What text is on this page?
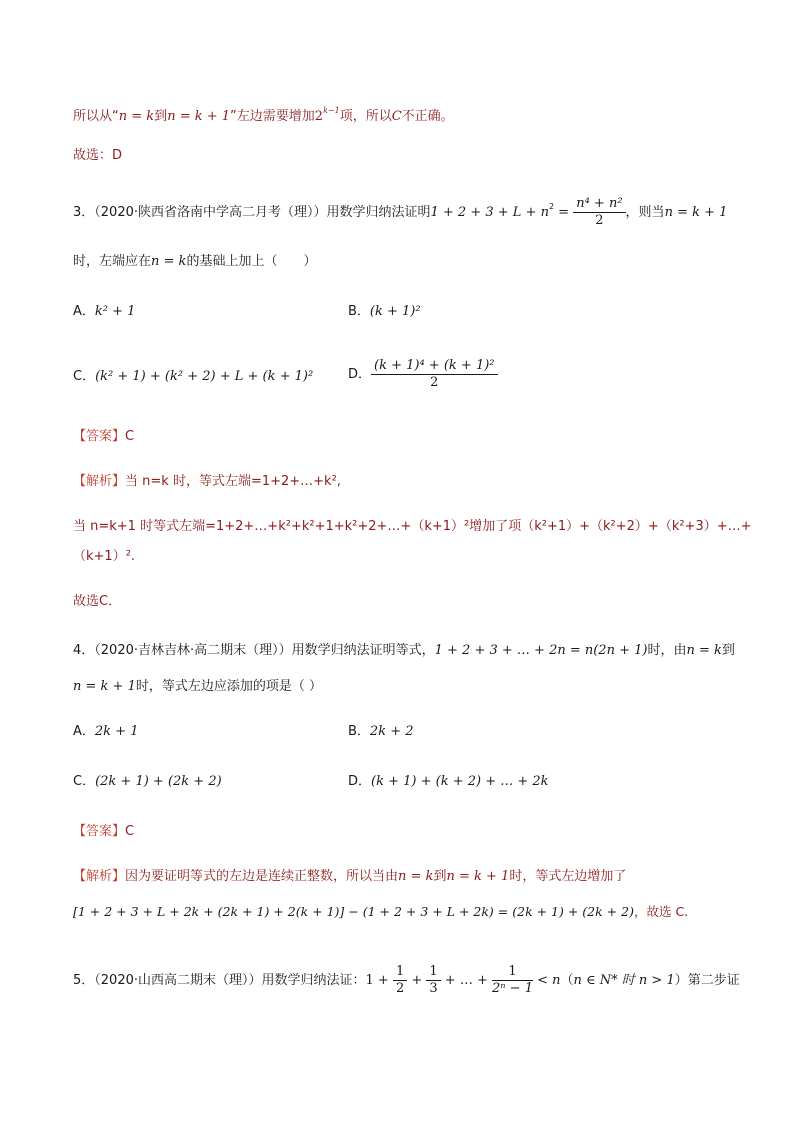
所以从“n = k到n = k + 1”左边需要增加$2^{k-1}$项，所以C不正确。
故选：D
3．（2020·陕西省洛南中学高二月考（理））用数学归纳法证明$1 + 2 + 3 + L + n^2 = \frac{\text{n⁴ + n²}}{2}$ ，则当n = k + 1
时，左端应在n = k的基础上加上（　　）
A．k² + 1	B．(k + 1)²
C．(k² + 1) + (k² + 2) + L + (k + 1)²	D． $\frac{\text{(k + 1)⁴ + (k + 1)²}}{2}$
【答案】C
【解析】当 n=k 时，等式左端=1+2+…+k²,
当 n=k+1 时等式左端=1+2+…+k²+k²+1+k²+2+…+（k+1）²增加了项（k²+1）+（k²+2）+（k²+3）+…+
（k+1）².
故选C．
4．（2020·吉林吉林·高二期末（理））用数学归纳法证明等式，1 + 2 + 3 + … + 2n = n(2n + 1)时，由n = k到
n = k + 1时，等式左边应添加的项是（ ）
A．2k + 1	B．2k + 2
C．(2k + 1) + (2k + 2)	D．(k + 1) + (k + 2) + … + 2k
【答案】C
【解析】因为要证明等式的左边是连续正整数，所以当由n = k到n = k + 1时，等式左边增加了
[1 + 2 + 3 + L + 2k + (2k + 1) + 2(k + 1)] − (1 + 2 + 3 + L + 2k) = (2k + 1) + (2k + 2)，故选 C.
5．（2020·山西高二期末（理））用数学归纳法证：$1 + \frac{1}{2} + \frac{1}{3}$ + … + $\frac{1}{\text{2ⁿ − 1}} < n(n$ ∈ N* 时 n > 1）第二步证
